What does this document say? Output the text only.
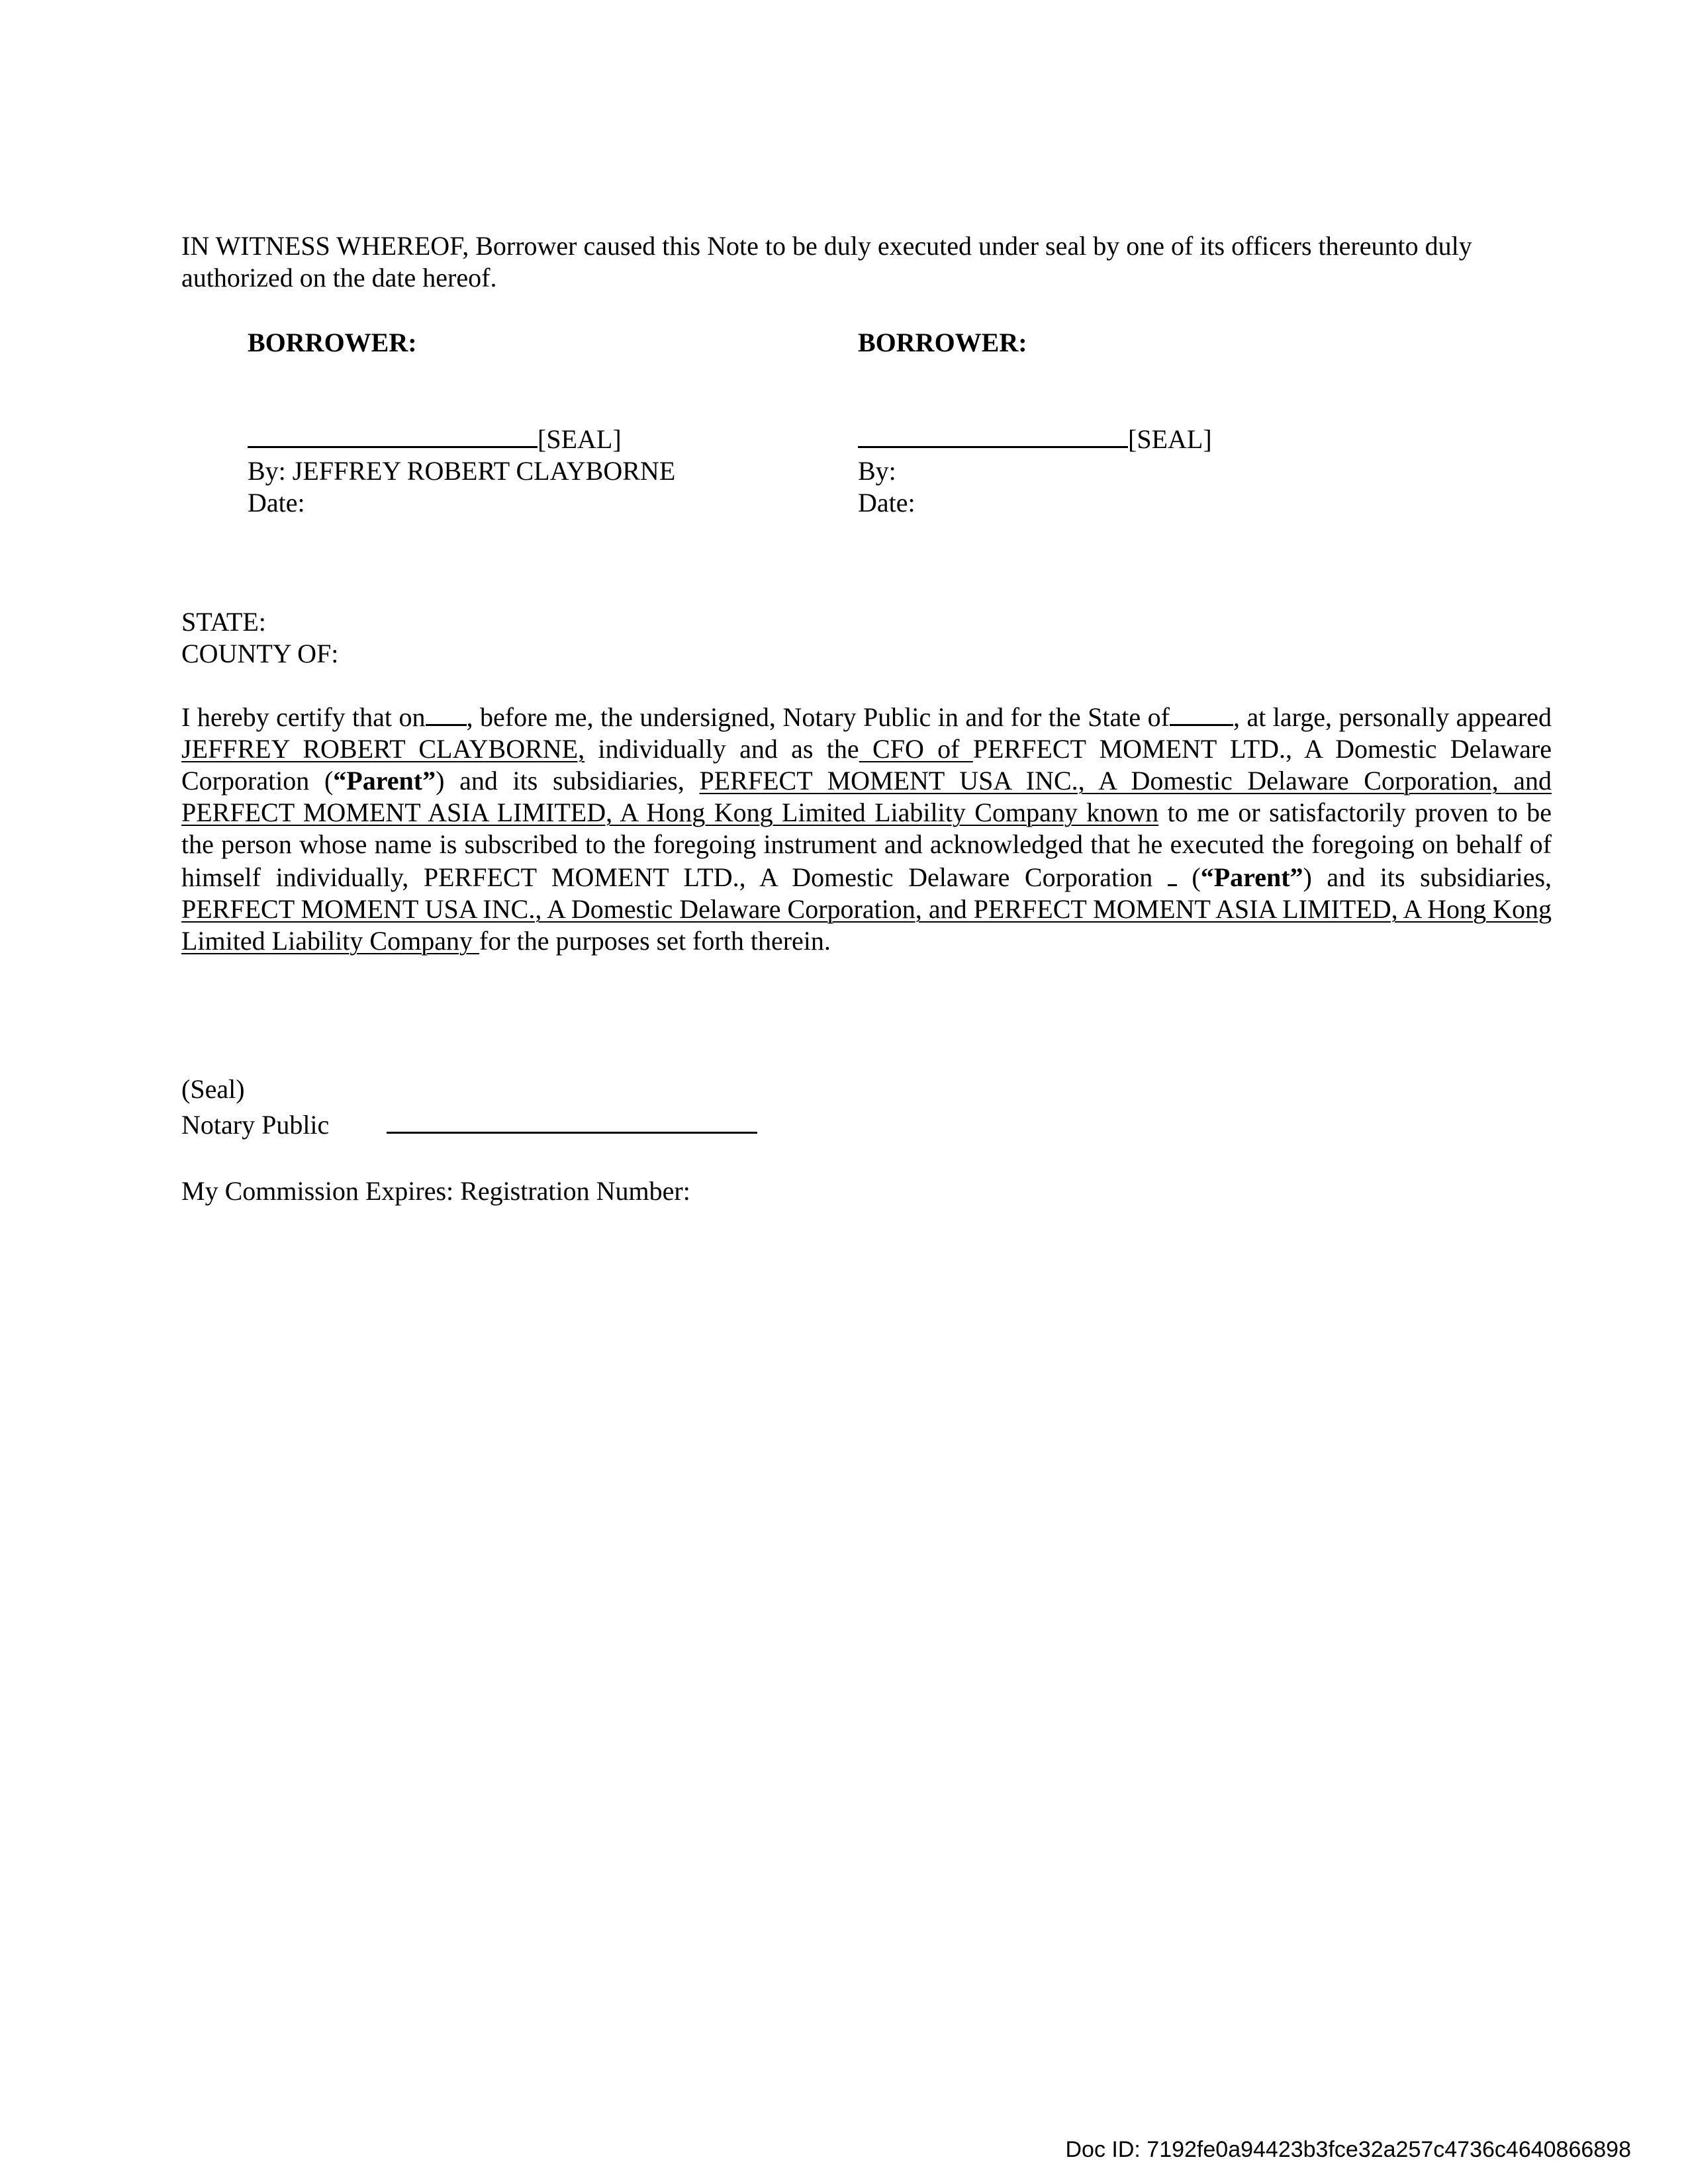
IN WITNESS WHEREOF, Borrower caused this Note to be duly executed under seal by one of its officers thereunto duly authorized on the date hereof.
BORROWER:
[SEAL]
By: JEFFREY ROBERT CLAYBORNE
Date:
BORROWER:
[SEAL]
By:
Date:
STATE:
COUNTY OF:
I hereby certify that on , before me, the undersigned, Notary Public in and for the State of , at large, personally appeared JEFFREY ROBERT CLAYBORNE, individually and as the CFO of PERFECT MOMENT LTD., A Domestic Delaware Corporation (“Parent”) and its subsidiaries, PERFECT MOMENT USA INC., A Domestic Delaware Corporation, and PERFECT MOMENT ASIA LIMITED, A Hong Kong Limited Liability Company known to me or satisfactorily proven to be the person whose name is subscribed to the foregoing instrument and acknowledged that he executed the foregoing on behalf of himself individually, PERFECT MOMENT LTD., A Domestic Delaware Corporation  (“Parent”) and its subsidiaries, PERFECT MOMENT USA INC., A Domestic Delaware Corporation, and PERFECT MOMENT ASIA LIMITED, A Hong Kong Limited Liability Company for the purposes set forth therein.
(Seal)
Notary Public
My Commission Expires: Registration Number:
Doc ID: 7192fe0a94423b3fce32a257c4736c4640866898
